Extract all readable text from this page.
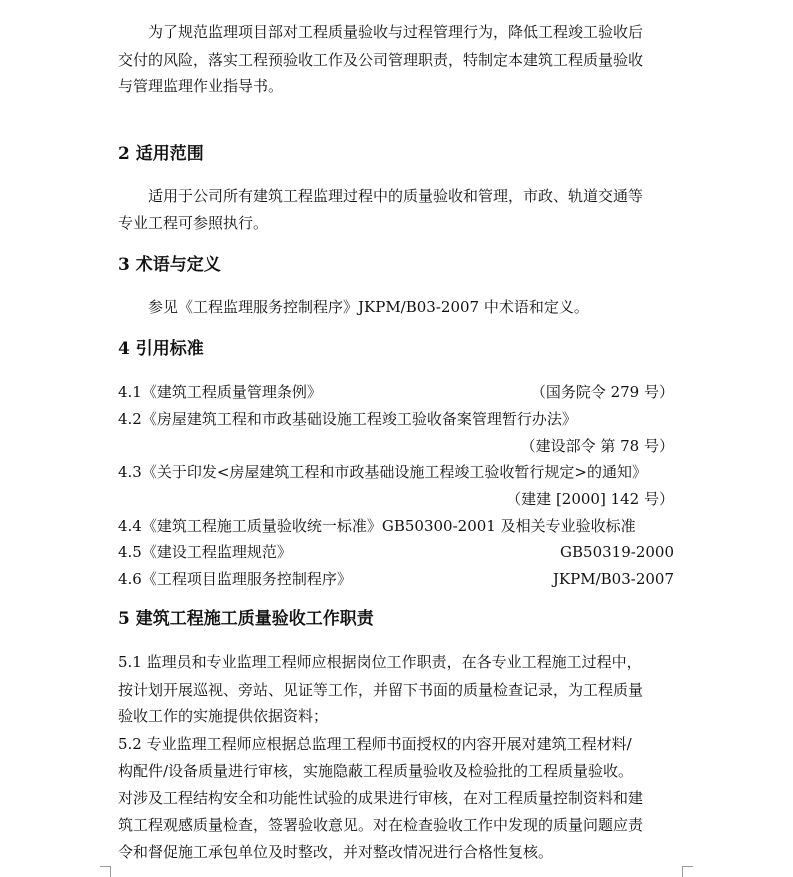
为了规范监理项目部对工程质量验收与过程管理行为，降低工程竣工验收后
交付的风险，落实工程预验收工作及公司管理职责，特制定本建筑工程质量验收
与管理监理作业指导书。
2 适用范围
适用于公司所有建筑工程监理过程中的质量验收和管理，市政、轨道交通等
专业工程可参照执行。
3 术语与定义
参见《工程监理服务控制程序》JKPM/B03-2007 中术语和定义。
4 引用标准
4.1《建筑工程质量管理条例》	（国务院令 279 号）
4.2《房屋建筑工程和市政基础设施工程竣工验收备案管理暂行办法》
（建设部令 第 78 号）
4.3《关于印发<房屋建筑工程和市政基础设施工程竣工验收暂行规定>的通知》
（建建 [2000] 142 号）
4.4《建筑工程施工质量验收统一标准》GB50300-2001 及相关专业验收标准
4.5《建设工程监理规范》	GB50319-2000
4.6《工程项目监理服务控制程序》	JKPM/B03-2007
5 建筑工程施工质量验收工作职责
5.1 监理员和专业监理工程师应根据岗位工作职责，在各专业工程施工过程中，
按计划开展巡视、旁站、见证等工作，并留下书面的质量检查记录，为工程质量
验收工作的实施提供依据资料；
5.2 专业监理工程师应根据总监理工程师书面授权的内容开展对建筑工程材料/
构配件/设备质量进行审核，实施隐蔽工程质量验收及检验批的工程质量验收。
对涉及工程结构安全和功能性试验的成果进行审核，在对工程质量控制资料和建
筑工程观感质量检查，签署验收意见。对在检查验收工作中发现的质量问题应责
令和督促施工承包单位及时整改，并对整改情况进行合格性复核。
